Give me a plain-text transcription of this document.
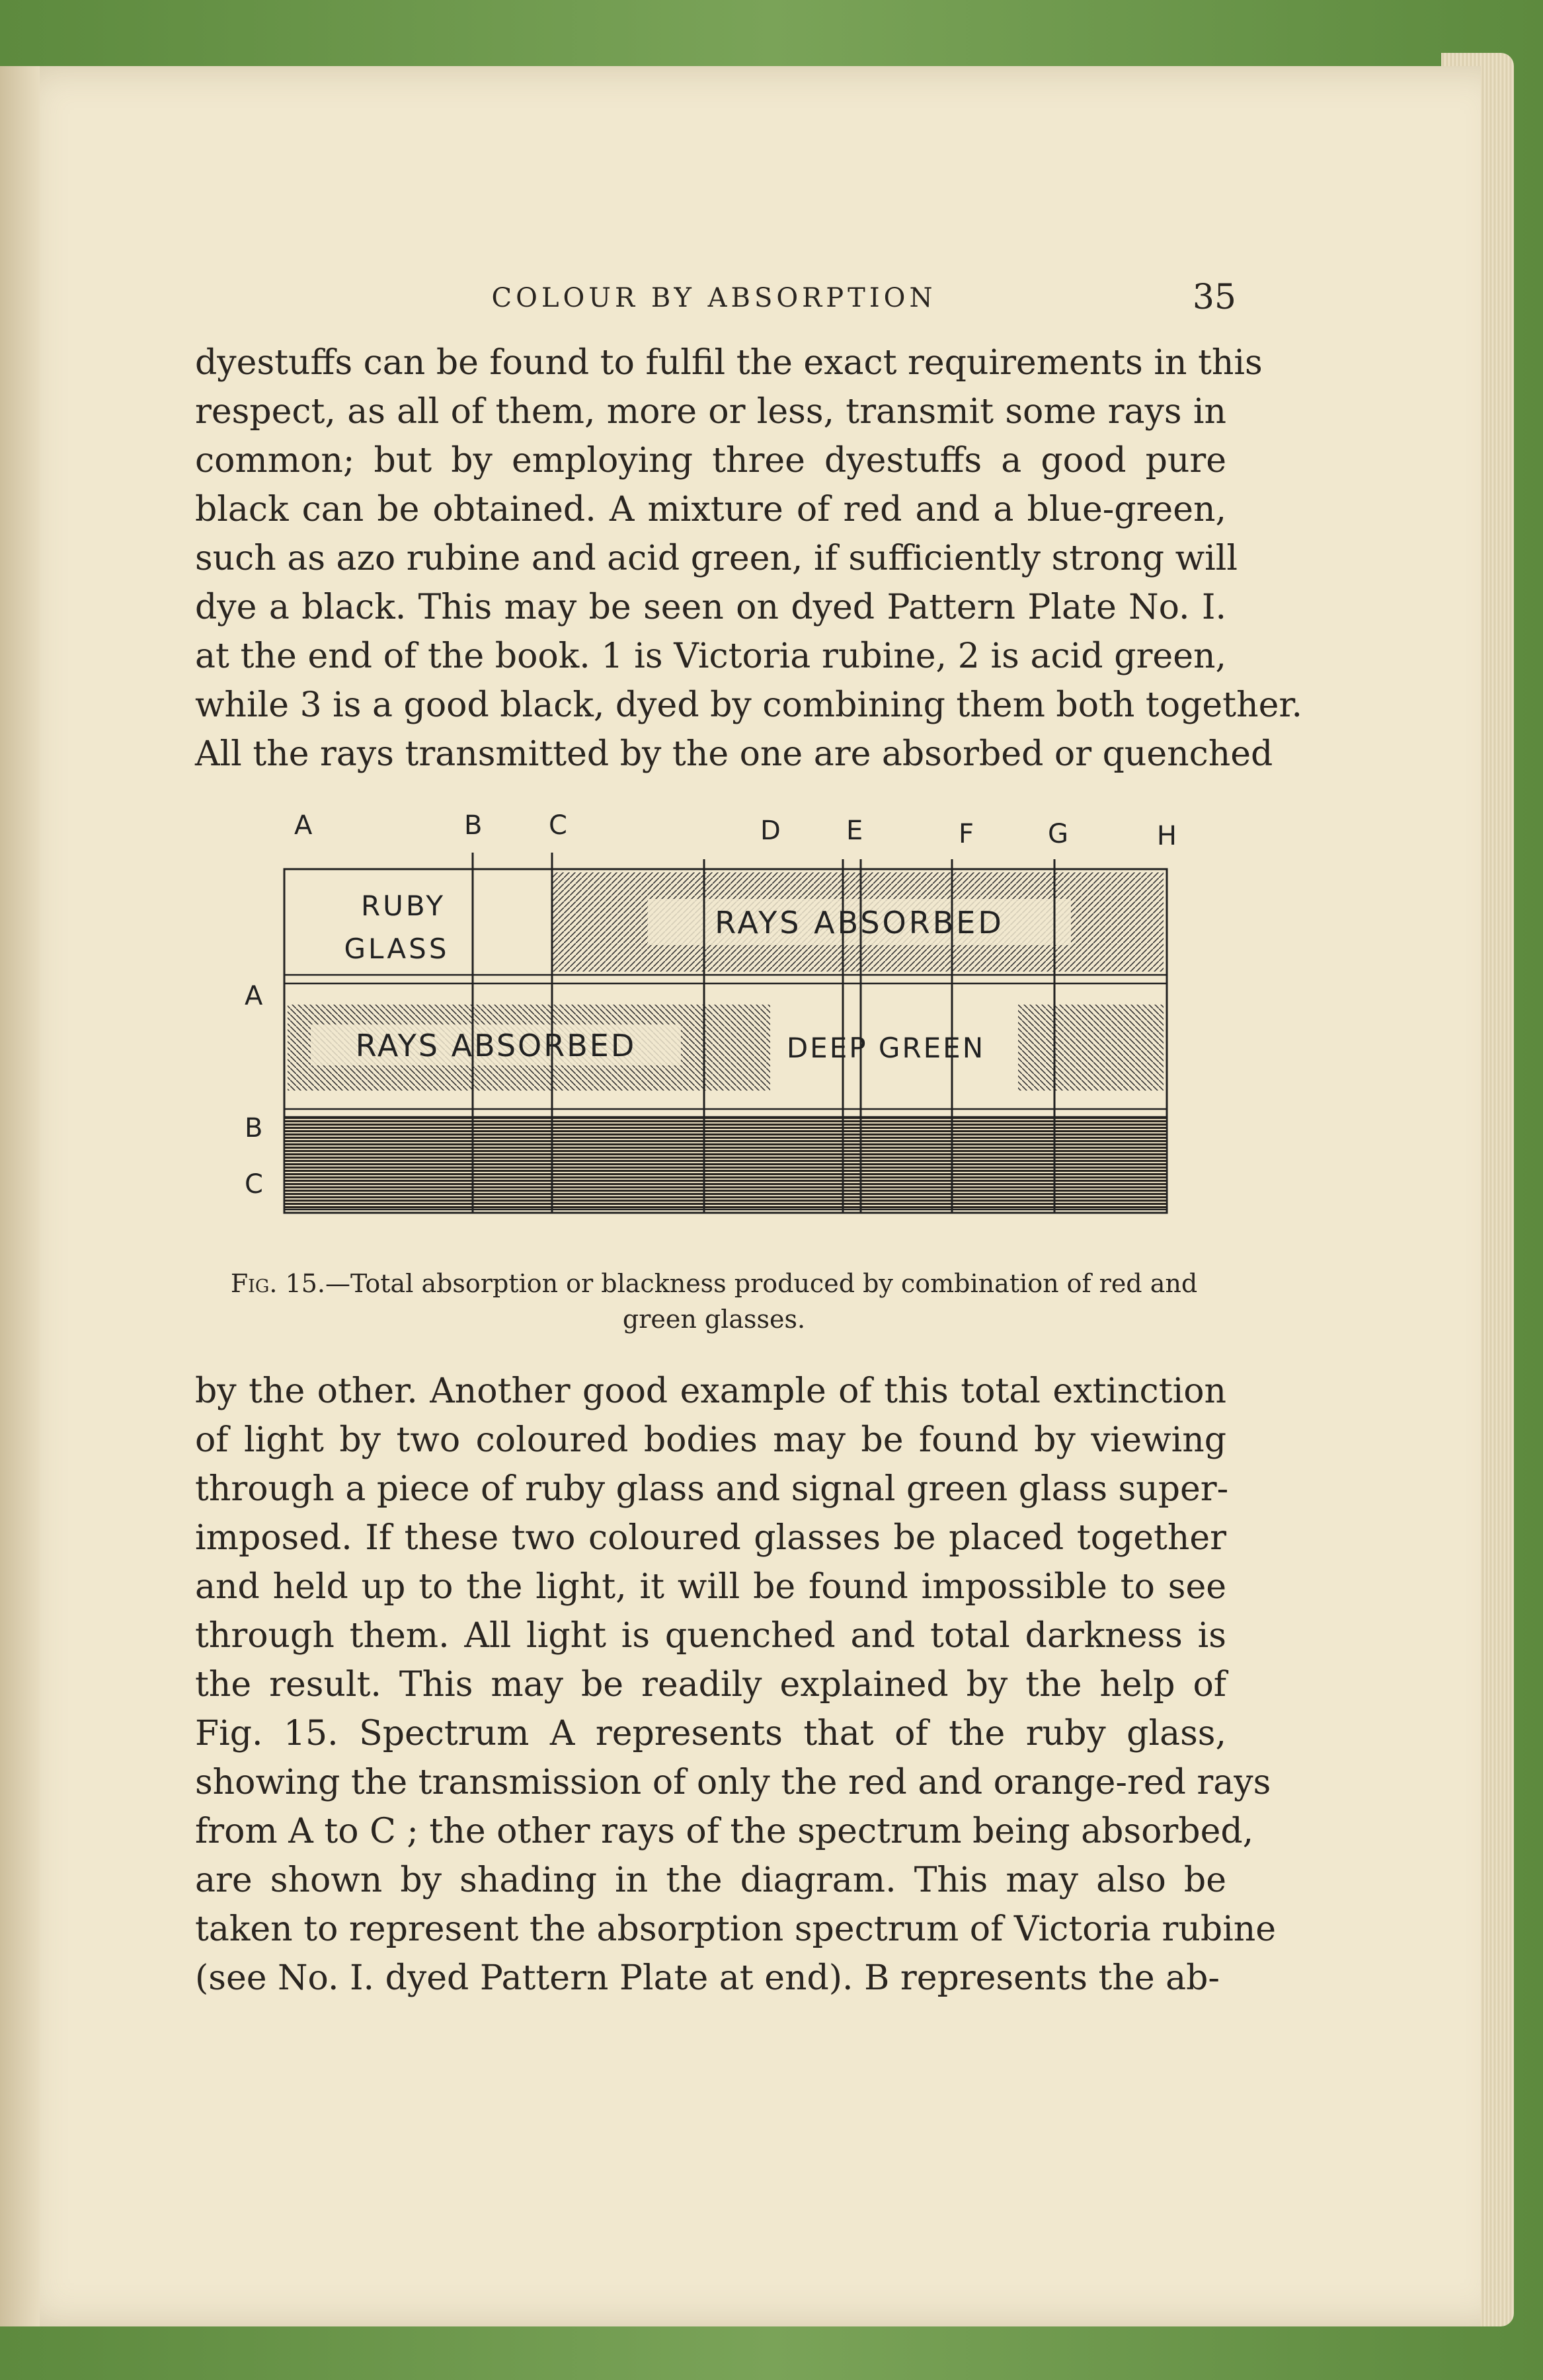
COLOUR BY ABSORPTION	35
dyestuffs can be found to fulfil the exact requirements in this
respect, as all of them, more or less, transmit some rays in
common; but by employing three dyestuffs a good pure
black can be obtained. A mixture of red and a blue-green,
such as azo rubine and acid green, if sufficiently strong will
dye a black. This may be seen on dyed Pattern Plate No. I.
at the end of the book. 1 is Victoria rubine, 2 is acid green,
while 3 is a good black, dyed by combining them both together.
All the rays transmitted by the one are absorbed or quenched
A	B	C	D E	F	G	H
A
B
C
RAYS ABSORBED
RUBY
GLASS
RAYS ABSORBED	DEEP GREEN
Fig. 15.—Total absorption or blackness produced by combination of red and green glasses.
by the other. Another good example of this total extinction
of light by two coloured bodies may be found by viewing
through a piece of ruby glass and signal green glass super-
imposed. If these two coloured glasses be placed together
and held up to the light, it will be found impossible to see
through them. All light is quenched and total darkness is
the result. This may be readily explained by the help of
Fig. 15. Spectrum A represents that of the ruby glass,
showing the transmission of only the red and orange-red rays
from A to C ; the other rays of the spectrum being absorbed,
are shown by shading in the diagram. This may also be
taken to represent the absorption spectrum of Victoria rubine
(see No. I. dyed Pattern Plate at end). B represents the ab-
